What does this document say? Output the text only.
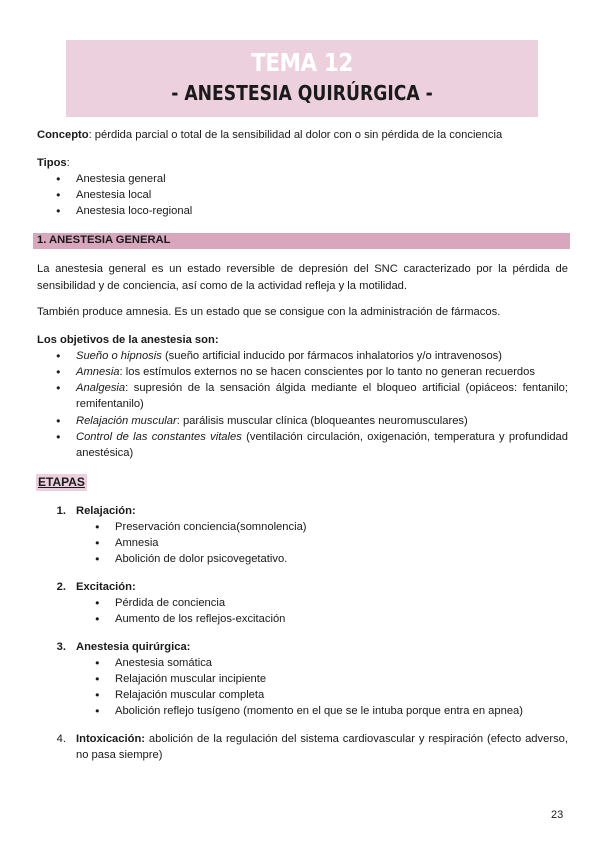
TEMA 12
- ANESTESIA QUIRÚRGICA -
Concepto: pérdida parcial o total de la sensibilidad al dolor con o sin pérdida de la conciencia
Tipos:
● Anestesia general
● Anestesia local
● Anestesia loco-regional
1. ANESTESIA GENERAL
La anestesia general es un estado reversible de depresión del SNC caracterizado por la pérdida de sensibilidad y de conciencia, así como de la actividad refleja y la motilidad.
También produce amnesia. Es un estado que se consigue con la administración de fármacos.
Los objetivos de la anestesia son:
● Sueño o hipnosis (sueño artificial inducido por fármacos inhalatorios y/o intravenosos)
● Amnesia: los estímulos externos no se hacen conscientes por lo tanto no generan recuerdos
● Analgesia: supresión de la sensación álgida mediante el bloqueo artificial (opiáceos: fentanilo; remifentanilo)
● Relajación muscular: parálisis muscular clínica (bloqueantes neuromusculares)
● Control de las constantes vitales (ventilación circulación, oxigenación, temperatura y profundidad anestésica)
ETAPAS
1. Relajación:
● Preservación conciencia(somnolencia)
● Amnesia
● Abolición de dolor psicovegetativo.
2. Excitación:
● Pérdida de conciencia
● Aumento de los reflejos-excitación
3. Anestesia quirúrgica:
● Anestesia somática
● Relajación muscular incipiente
● Relajación muscular completa
● Abolición reflejo tusígeno (momento en el que se le intuba porque entra en apnea)
4. Intoxicación: abolición de la regulación del sistema cardiovascular y respiración (efecto adverso, no pasa siempre)
23
